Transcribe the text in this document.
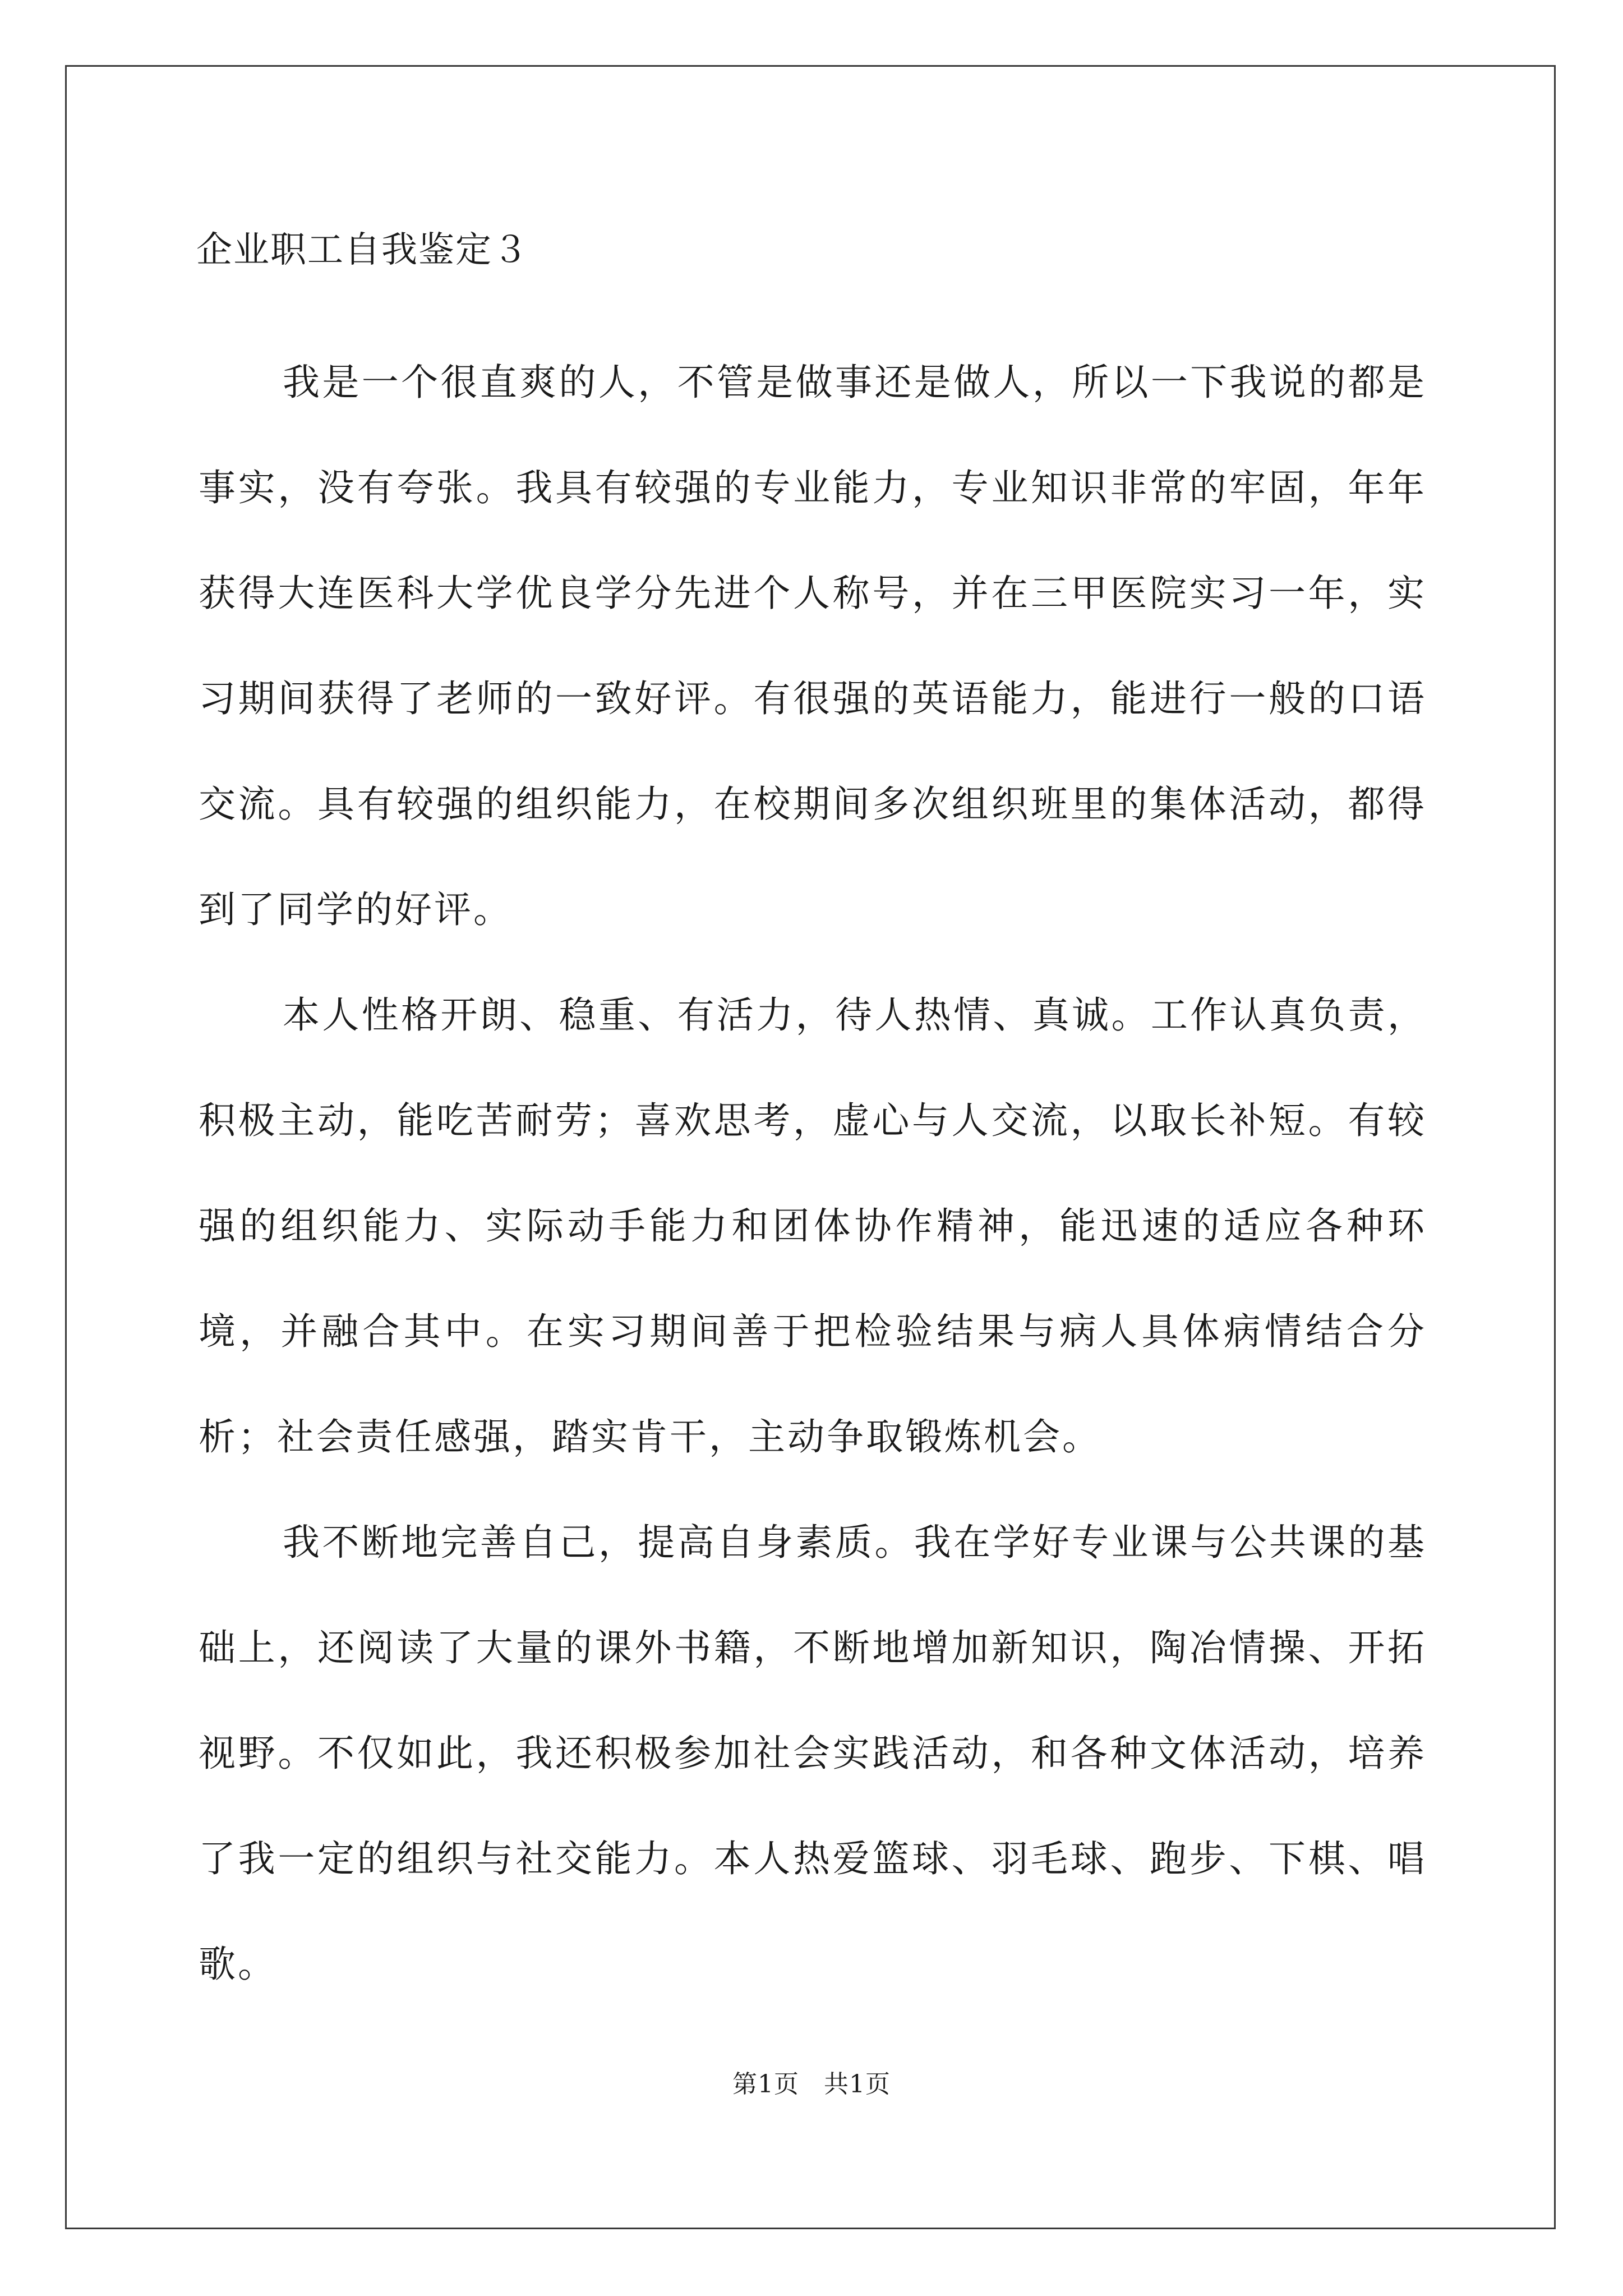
企业职工自我鉴定３

我是一个很直爽的人，不管是做事还是做人，所以一下我说的都是事实，没有夸张。我具有较强的专业能力，专业知识非常的牢固，年年获得大连医科大学优良学分先进个人称号，并在三甲医院实习一年，实习期间获得了老师的一致好评。有很强的英语能力，能进行一般的口语交流。具有较强的组织能力，在校期间多次组织班里的集体活动，都得到了同学的好评。

本人性格开朗、稳重、有活力，待人热情、真诚。工作认真负责，积极主动，能吃苦耐劳；喜欢思考，虚心与人交流，以取长补短。有较强的组织能力、实际动手能力和团体协作精神，能迅速的适应各种环境，并融合其中。在实习期间善于把检验结果与病人具体病情结合分析；社会责任感强，踏实肯干，主动争取锻炼机会。

我不断地完善自己，提高自身素质。我在学好专业课与公共课的基础上，还阅读了大量的课外书籍，不断地增加新知识，陶冶情操、开拓视野。不仅如此，我还积极参加社会实践活动，和各种文体活动，培养了我一定的组织与社交能力。本人热爱篮球、羽毛球、跑步、下棋、唱歌。

第1页 共1页
